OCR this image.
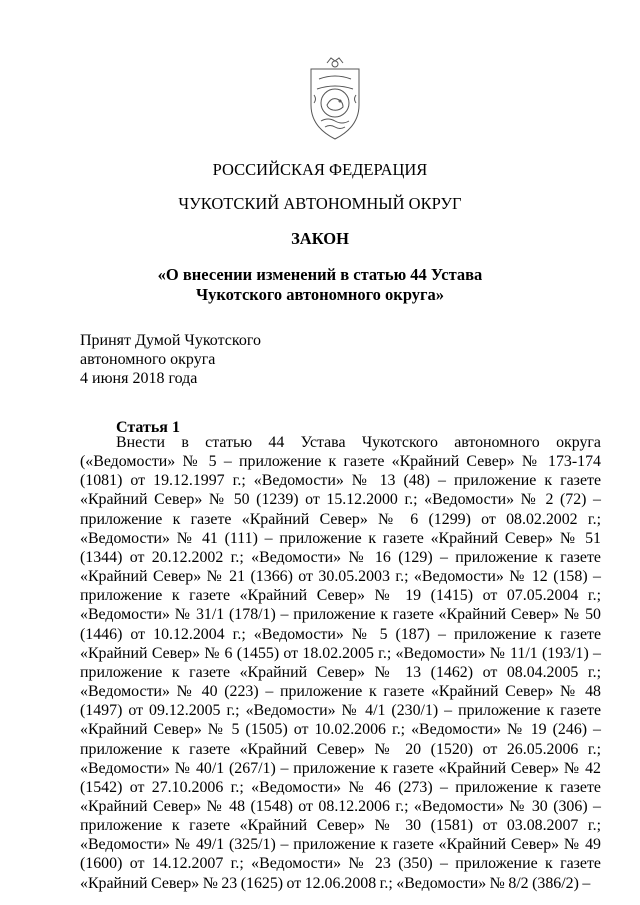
РОССИЙСКАЯ ФЕДЕРАЦИЯ
ЧУКОТСКИЙ АВТОНОМНЫЙ ОКРУГ
ЗАКОН
«О внесении изменений в статью 44 Устава
Чукотского автономного округа»
Принят Думой Чукотского
автономного округа
4 июня 2018 года
Статья 1

Внести в статью 44 Устава Чукотского автономного округа («Ведомости» № 5 – приложение к газете «Крайний Север» № 173-174 (1081) от 19.12.1997 г.; «Ведомости» № 13 (48) – приложение к газете «Крайний Север» № 50 (1239) от 15.12.2000 г.; «Ведомости» № 2 (72) – приложение к газете «Крайний Север» № 6 (1299) от 08.02.2002 г.; «Ведомости» № 41 (111) – приложение к газете «Крайний Север» № 51 (1344) от 20.12.2002 г.; «Ведомости» № 16 (129) – приложение к газете «Крайний Север» № 21 (1366) от 30.05.2003 г.; «Ведомости» № 12 (158) – приложение к газете «Крайний Север» № 19 (1415) от 07.05.2004 г.; «Ведомости» № 31/1 (178/1) – приложение к газете «Крайний Север» № 50 (1446) от 10.12.2004 г.; «Ведомости» № 5 (187) – приложение к газете «Крайний Север» № 6 (1455) от 18.02.2005 г.; «Ведомости» № 11/1 (193/1) – приложение к газете «Крайний Север» № 13 (1462) от 08.04.2005 г.; «Ведомости» № 40 (223) – приложение к газете «Крайний Север» № 48 (1497) от 09.12.2005 г.; «Ведомости» № 4/1 (230/1) – приложение к газете «Крайний Север» № 5 (1505) от 10.02.2006 г.; «Ведомости» № 19 (246) – приложение к газете «Крайний Север» № 20 (1520) от 26.05.2006 г.; «Ведомости» № 40/1 (267/1) – приложение к газете «Крайний Север» № 42 (1542) от 27.10.2006 г.; «Ведомости» № 46 (273) – приложение к газете «Крайний Север» № 48 (1548) от 08.12.2006 г.; «Ведомости» № 30 (306) – приложение к газете «Крайний Север» № 30 (1581) от 03.08.2007 г.; «Ведомости» № 49/1 (325/1) – приложение к газете «Крайний Север» № 49 (1600) от 14.12.2007 г.; «Ведомости» № 23 (350) – приложение к газете «Крайний Север» № 23 (1625) от 12.06.2008 г.; «Ведомости» № 8/2 (386/2) –
